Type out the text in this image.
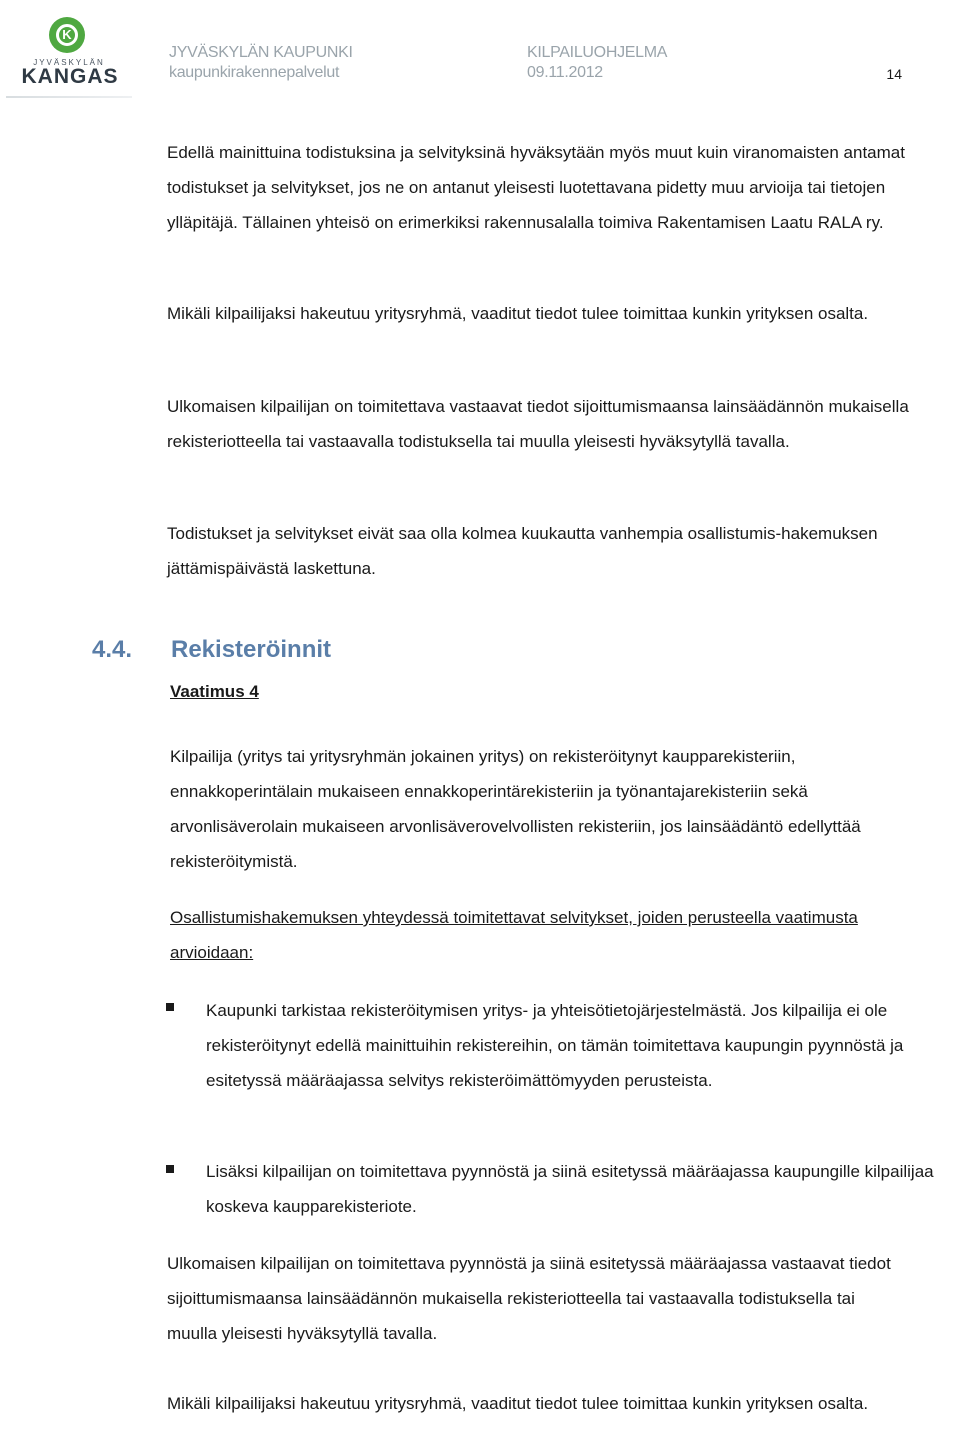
K
JYVÄSKYLÄN
KANGAS
JYVÄSKYLÄN KAUPUNKI
kaupunkirakennepalvelut
KILPAILUOHJELMA
09.11.2012	14

Edellä mainittuina todistuksina ja selvityksinä hyväksytään myös muut kuin viranomaisten antamat todistukset ja selvitykset, jos ne on antanut yleisesti luotettavana pidetty muu arvioija tai tietojen ylläpitäjä. Tällainen yhteisö on erimerkiksi rakennusalalla toimiva Rakentamisen Laatu RALA ry.

Mikäli kilpailijaksi hakeutuu yritysryhmä, vaaditut tiedot tulee toimittaa kunkin yrityksen osalta.

Ulkomaisen kilpailijan on toimitettava vastaavat tiedot sijoittumismaansa lainsäädännön mukaisella rekisteriotteella tai vastaavalla todistuksella tai muulla yleisesti hyväksytyllä tavalla.

Todistukset ja selvitykset eivät saa olla kolmea kuukautta vanhempia osallistumis-hakemuksen jättämispäivästä laskettuna.

4.4. Rekisteröinnit
Vaatimus 4

Kilpailija (yritys tai yritysryhmän jokainen yritys) on rekisteröitynyt kaupparekisteriin, ennakkoperintälain mukaiseen ennakkoperintärekisteriin ja työnantajarekisteriin sekä arvonlisäverolain mukaiseen arvonlisäverovelvollisten rekisteriin, jos lainsäädäntö edellyttää rekisteröitymistä.

Osallistumishakemuksen yhteydessä toimitettavat selvitykset, joiden perusteella vaatimusta arvioidaan:

Kaupunki tarkistaa rekisteröitymisen yritys- ja yhteisötietojärjestelmästä. Jos kilpailija ei ole rekisteröitynyt edellä mainittuihin rekistereihin, on tämän toimitettava kaupungin pyynnöstä ja esitetyssä määräajassa selvitys rekisteröimättömyyden perusteista.

Lisäksi kilpailijan on toimitettava pyynnöstä ja siinä esitetyssä määräajassa kaupungille kilpailijaa koskeva kaupparekisteriote.

Ulkomaisen kilpailijan on toimitettava pyynnöstä ja siinä esitetyssä määräajassa vastaavat tiedot sijoittumismaansa lainsäädännön mukaisella rekisteriotteella tai vastaavalla todistuksella tai muulla yleisesti hyväksytyllä tavalla.

Mikäli kilpailijaksi hakeutuu yritysryhmä, vaaditut tiedot tulee toimittaa kunkin yrityksen osalta.
